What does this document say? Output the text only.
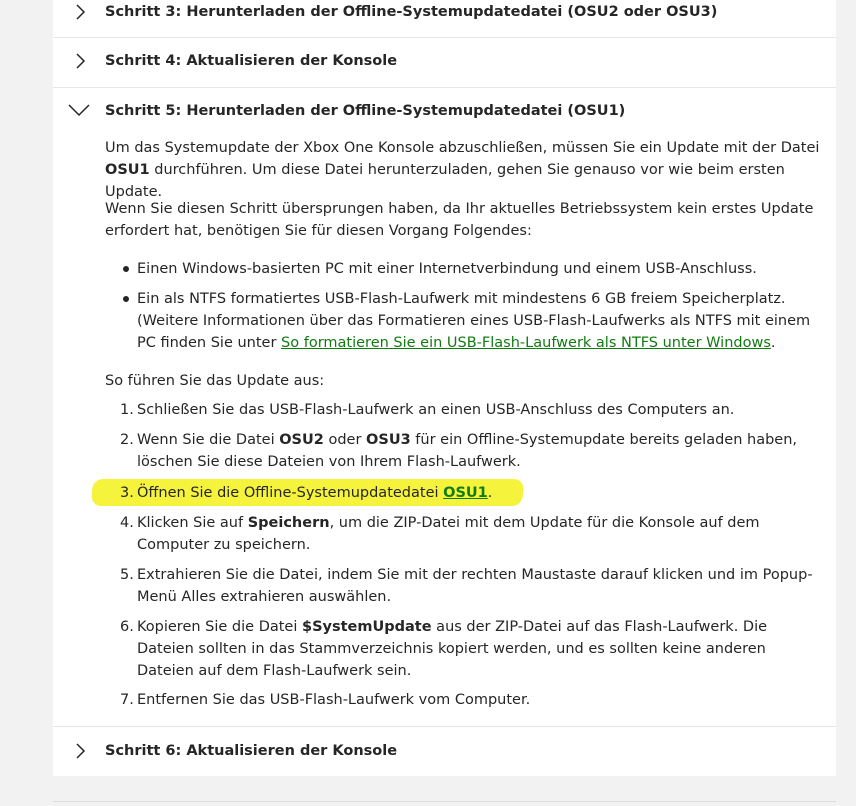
Schritt 3: Herunterladen der Offline-Systemupdatedatei (OSU2 oder OSU3)
Schritt 4: Aktualisieren der Konsole
Schritt 5: Herunterladen der Offline-Systemupdatedatei (OSU1)

Um das Systemupdate der Xbox One Konsole abzuschließen, müssen Sie ein Update mit der Datei OSU1 durchführen. Um diese Datei herunterzuladen, gehen Sie genauso vor wie beim ersten Update.

Wenn Sie diesen Schritt übersprungen haben, da Ihr aktuelles Betriebssystem kein erstes Update erfordert hat, benötigen Sie für diesen Vorgang Folgendes:

Einen Windows-basierten PC mit einer Internetverbindung und einem USB-Anschluss.
Ein als NTFS formatiertes USB-Flash-Laufwerk mit mindestens 6 GB freiem Speicherplatz. (Weitere Informationen über das Formatieren eines USB-Flash-Laufwerks als NTFS mit einem PC finden Sie unter So formatieren Sie ein USB-Flash-Laufwerk als NTFS unter Windows.

So führen Sie das Update aus:

1. Schließen Sie das USB-Flash-Laufwerk an einen USB-Anschluss des Computers an.
2. Wenn Sie die Datei OSU2 oder OSU3 für ein Offline-Systemupdate bereits geladen haben, löschen Sie diese Dateien von Ihrem Flash-Laufwerk.
3. Öffnen Sie die Offline-Systemupdatedatei OSU1.
4. Klicken Sie auf Speichern, um die ZIP-Datei mit dem Update für die Konsole auf dem Computer zu speichern.
5. Extrahieren Sie die Datei, indem Sie mit der rechten Maustaste darauf klicken und im Popup-Menü Alles extrahieren auswählen.
6. Kopieren Sie die Datei $SystemUpdate aus der ZIP-Datei auf das Flash-Laufwerk. Die Dateien sollten in das Stammverzeichnis kopiert werden, und es sollten keine anderen Dateien auf dem Flash-Laufwerk sein.
7. Entfernen Sie das USB-Flash-Laufwerk vom Computer.
Schritt 6: Aktualisieren der Konsole
